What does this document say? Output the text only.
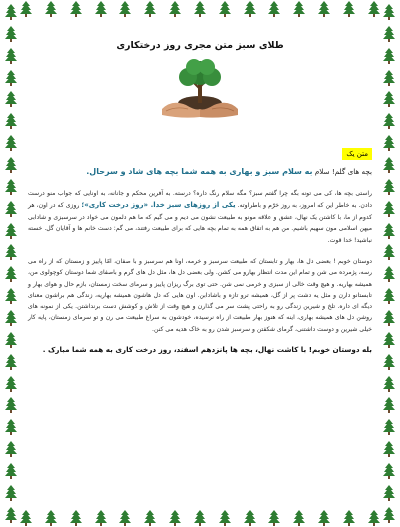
طلای سبز متن مجری روز درختکاری
متن یک
بچه های گلم! سلام به سلام سبز و بهاری به همه شما بچه های شاد و سرحال.

راستی بچه ها، کی می تونه بگه چرا گفتم سبز؟ مگه سلام رنگ داره؟ درسته. به آفرین محکم و جانانه، به اونایی که جواب منو درست دادن. به خاطر این که امروز، به روز خرّم و باطراوته. یکی از روزهای سبز خدا. «روز درخت کاری»؛ روزی که در اون، هر کدوم از ما، با کاشتن یک نهال، عشق و علاقه مونو به طبیعت نشون می دیم و می گیم که ما هم دلمون می خواد در سرسبزی و شادابی میهن اسلامی مون سهیم باشیم. من هم به اتفاق همه به تمام بچه هایی که برای طبیعت رفتند، می گم: دست خانم ها و آقایان گل. خسته نباشید! خدا قوت.

دوستان خوبم ! بعضی دل ها، بهار و تابستان که طبیعت سرسبز و خرمه، اونا هم سرسبز و با صفان، امّا پاییز و زمستان که از راه می رسه، پژمرده می شن و تمام این مدت انتظار بهارو می کشن. ولی بعضی دل ها، مثل دل های گرم و باصفای شما دوستان کوچولوی من، همیشه بهاریه. و هیچ وقت خالی از سبزی و خرمی نمی شن. حتی توی برگ ریزان پاییز و سرمای سخت زمستان، بازم حال و هوای بهار و تابستانو دارن و مثل یه دشت پر از گل، همیشه ترو تازه و باشادابن. اون هایی که دل هاشون همیشه بهاریه، زندگی هم براشون معنای دیگه ای داره. تلخ و شیرین زندگی رو به راحتی پشت سر می گذارن و هیچ وقت از تلاش و کوشش دست برنداشتن. یکی از نمونه های روشن دل های همیشه بهاری، اینه که هنوز بهار طبیعت از راه نرسیده، خودشون به سراغ طبیعت می رن و تو سرمای زمستان، پایه کار خیلی شیرین و دوست داشتنی، گرمای شکفتن و سرسبز شدن رو به خاک هدیه می کنن.

بله دوستان خوبم! با کاشت نهال، بچه ها پانزدهم اسفند، روز درخت کاری به همه شما مبارک .
